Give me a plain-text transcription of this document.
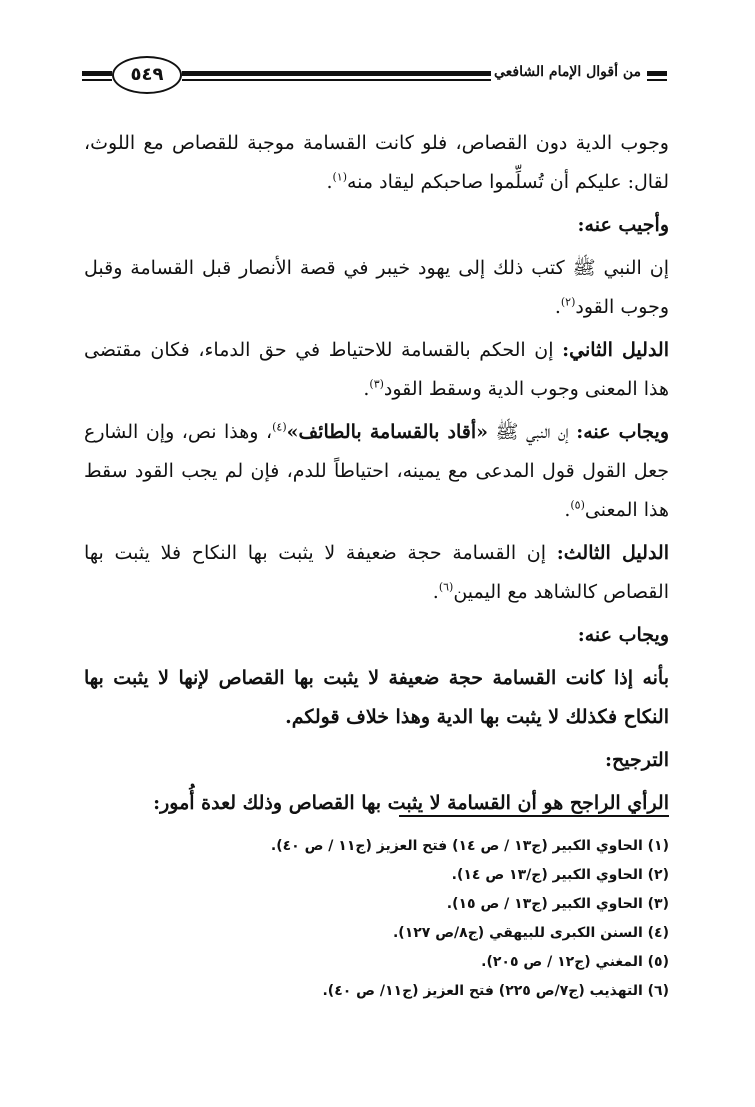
من أقوال الإمام الشافعي
٥٤٩

وجوب الدية دون القصاص، فلو كانت القسامة موجبة للقصاص مع اللوث، لقال: عليكم أن تُسلِّموا صاحبكم ليقاد منه$^{(١)}$.

وأجيب عنه:

إن النبي ﷺ كتب ذلك إلى يهود خيبر في قصة الأنصار قبل القسامة وقبل وجوب القود$^{(٢)}$.

الدليل الثاني: إن الحكم بالقسامة للاحتياط في حق الدماء، فكان مقتضى هذا المعنى وجوب الدية وسقط القود$^{(٣)}$.

ويجاب عنه: إن النبي ﷺ «أقاد بالقسامة بالطائف»$^{(٤)}$، وهذا نص، وإن الشارع جعل القول قول المدعى مع يمينه، احتياطاً للدم، فإن لم يجب القود سقط هذا المعنى$^{(٥)}$.

الدليل الثالث: إن القسامة حجة ضعيفة لا يثبت بها النكاح فلا يثبت بها القصاص كالشاهد مع اليمين$^{(٦)}$.

ويجاب عنه:

بأنه إذا كانت القسامة حجة ضعيفة لا يثبت بها القصاص لإنها لا يثبت بها النكاح فكذلك لا يثبت بها الدية وهذا خلاف قولكم.

الترجيح:

الرأي الراجح هو أن القسامة لا يثبت بها القصاص وذلك لعدة أُمور:

(١) الحاوي الكبير (ج١٣ / ص ١٤) فتح العزيز (ج١١ / ص ٤٠).
(٢) الحاوي الكبير (ج/١٣ ص ١٤).
(٣) الحاوي الكبير (ج١٣ / ص ١٥).
(٤) السنن الكبرى للبيهقي (ج٨/ص ١٢٧).
(٥) المغني (ج١٢ / ص ٢٠٥).
(٦) التهذيب (ج٧/ص ٢٢٥) فتح العزيز (ج١١/ ص ٤٠).
